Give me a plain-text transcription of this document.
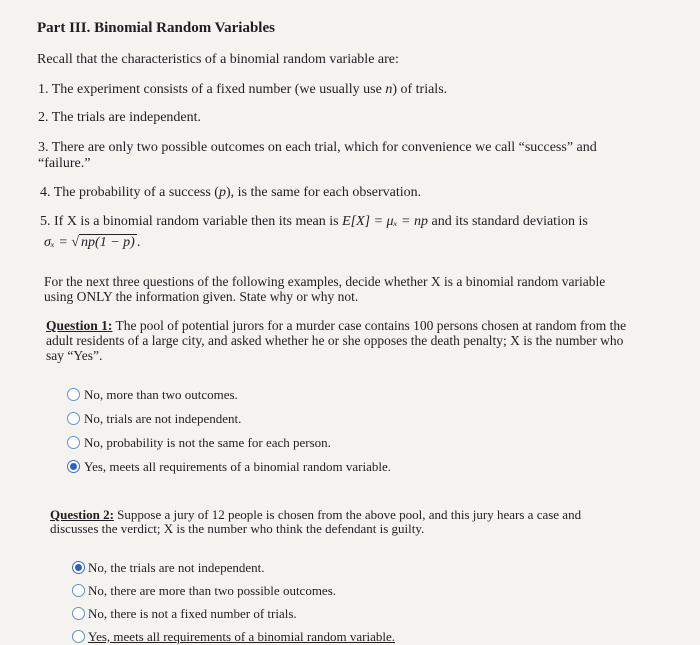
Part III. Binomial Random Variables
Recall that the characteristics of a binomial random variable are:
1. The experiment consists of a fixed number (we usually use n) of trials.
2. The trials are independent.
3. There are only two possible outcomes on each trial, which for convenience we call “success” and
“failure.”
4. The probability of a success (p), is the same for each observation.
5. If X is a binomial random variable then its mean is E[X] = μₓ = np and its standard deviation is
σₓ = √ np(1 − p) .
For the next three questions of the following examples, decide whether X is a binomial random variable
using ONLY the information given. State why or why not.
Question 1: The pool of potential jurors for a murder case contains 100 persons chosen at random from the
adult residents of a large city, and asked whether he or she opposes the death penalty; X is the number who
say “Yes”.
No, more than two outcomes.
No, trials are not independent.
No, probability is not the same for each person.
Yes, meets all requirements of a binomial random variable.
Question 2: Suppose a jury of 12 people is chosen from the above pool, and this jury hears a case and
discusses the verdict; X is the number who think the defendant is guilty.
No, the trials are not independent.
No, there are more than two possible outcomes.
No, there is not a fixed number of trials.
Yes, meets all requirements of a binomial random variable.
